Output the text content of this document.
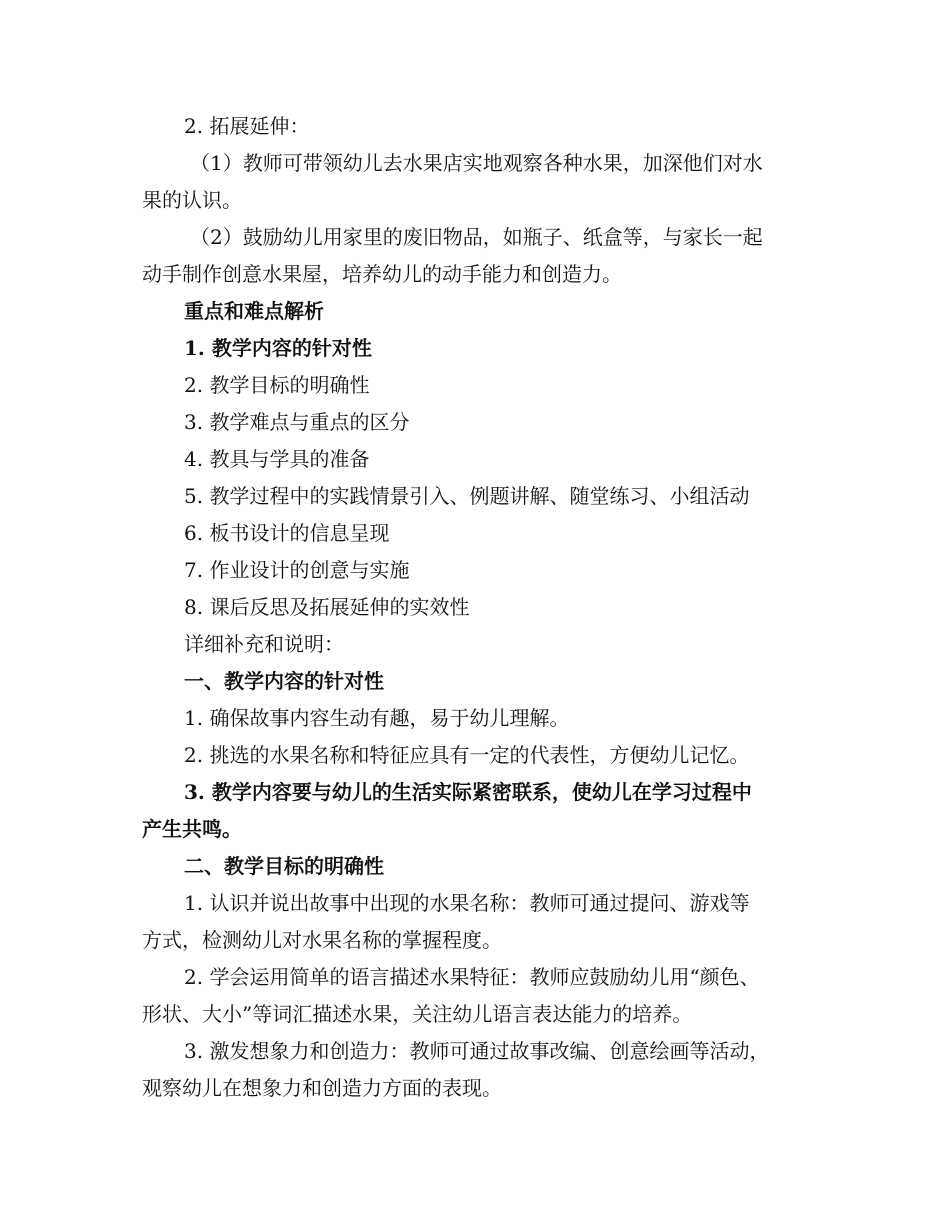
2. 拓展延伸：
（1）教师可带领幼儿去水果店实地观察各种水果，加深他们对水
果的认识。
（2）鼓励幼儿用家里的废旧物品，如瓶子、纸盒等，与家长一起
动手制作创意水果屋，培养幼儿的动手能力和创造力。
重点和难点解析
1. 教学内容的针对性
2. 教学目标的明确性
3. 教学难点与重点的区分
4. 教具与学具的准备
5. 教学过程中的实践情景引入、例题讲解、随堂练习、小组活动
6. 板书设计的信息呈现
7. 作业设计的创意与实施
8. 课后反思及拓展延伸的实效性
详细补充和说明：
一、教学内容的针对性
1. 确保故事内容生动有趣，易于幼儿理解。
2. 挑选的水果名称和特征应具有一定的代表性，方便幼儿记忆。
3. 教学内容要与幼儿的生活实际紧密联系，使幼儿在学习过程中
产生共鸣。
二、教学目标的明确性
1. 认识并说出故事中出现的水果名称：教师可通过提问、游戏等
方式，检测幼儿对水果名称的掌握程度。
2. 学会运用简单的语言描述水果特征：教师应鼓励幼儿用“颜色、
形状、大小”等词汇描述水果，关注幼儿语言表达能力的培养。
3. 激发想象力和创造力：教师可通过故事改编、创意绘画等活动，
观察幼儿在想象力和创造力方面的表现。
